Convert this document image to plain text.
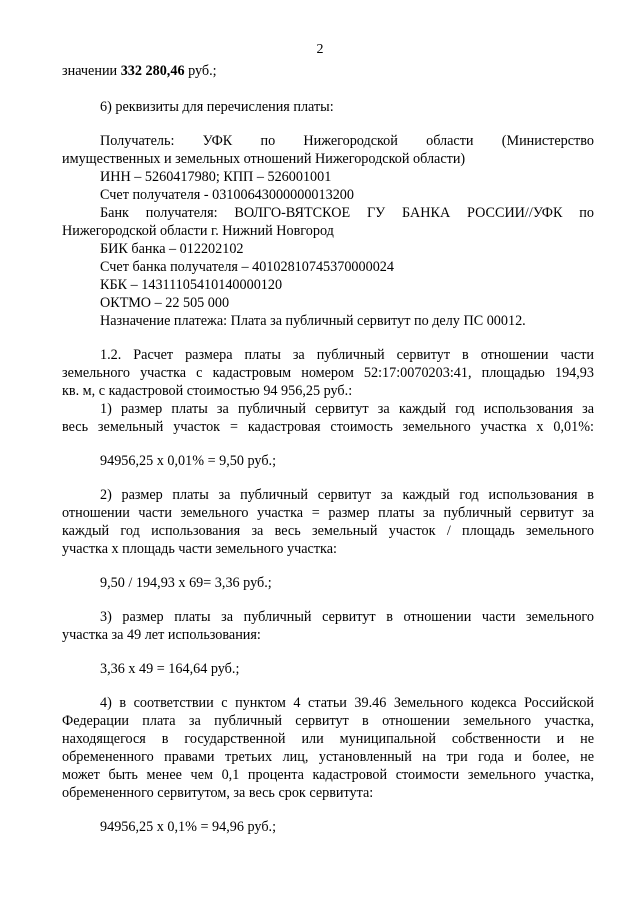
2

значении 332 280,46 руб.;

6) реквизиты для перечисления платы:

Получатель: УФК по Нижегородской области (Министерство

имущественных и земельных отношений Нижегородской области)

ИНН – 5260417980; КПП – 526001001

Счет получателя - 03100643000000013200

Банк получателя: ВОЛГО-ВЯТСКОЕ ГУ БАНКА РОССИИ//УФК по

Нижегородской области г. Нижний Новгород

БИК банка – 012202102

Счет банка получателя – 40102810745370000024

КБК – 14311105410140000120

ОКТМО – 22 505 000

Назначение платежа: Плата за публичный сервитут по делу ПС 00012.

1.2. Расчет размера платы за публичный сервитут в отношении части

земельного участка с кадастровым номером 52:17:0070203:41, площадью 194,93

кв. м, с кадастровой стоимостью 94 956,25 руб.:

1) размер платы за публичный сервитут за каждый год использования за

весь земельный участок = кадастровая стоимость земельного участка х 0,01%:

94956,25 х 0,01% = 9,50 руб.;

2) размер платы за публичный сервитут за каждый год использования в

отношении части земельного участка = размер платы за публичный сервитут за

каждый год использования за весь земельный участок / площадь земельного

участка х площадь части земельного участка:

9,50 / 194,93 х 69= 3,36 руб.;

3) размер платы за публичный сервитут в отношении части земельного

участка за 49 лет использования:

3,36 х 49 = 164,64 руб.;

4) в соответствии с пунктом 4 статьи 39.46 Земельного кодекса Российской

Федерации плата за публичный сервитут в отношении земельного участка,

находящегося в государственной или муниципальной собственности и не

обремененного правами третьих лиц, установленный на три года и более, не

может быть менее чем 0,1 процента кадастровой стоимости земельного участка,

обремененного сервитутом, за весь срок сервитута:

94956,25 х 0,1% = 94,96 руб.;
